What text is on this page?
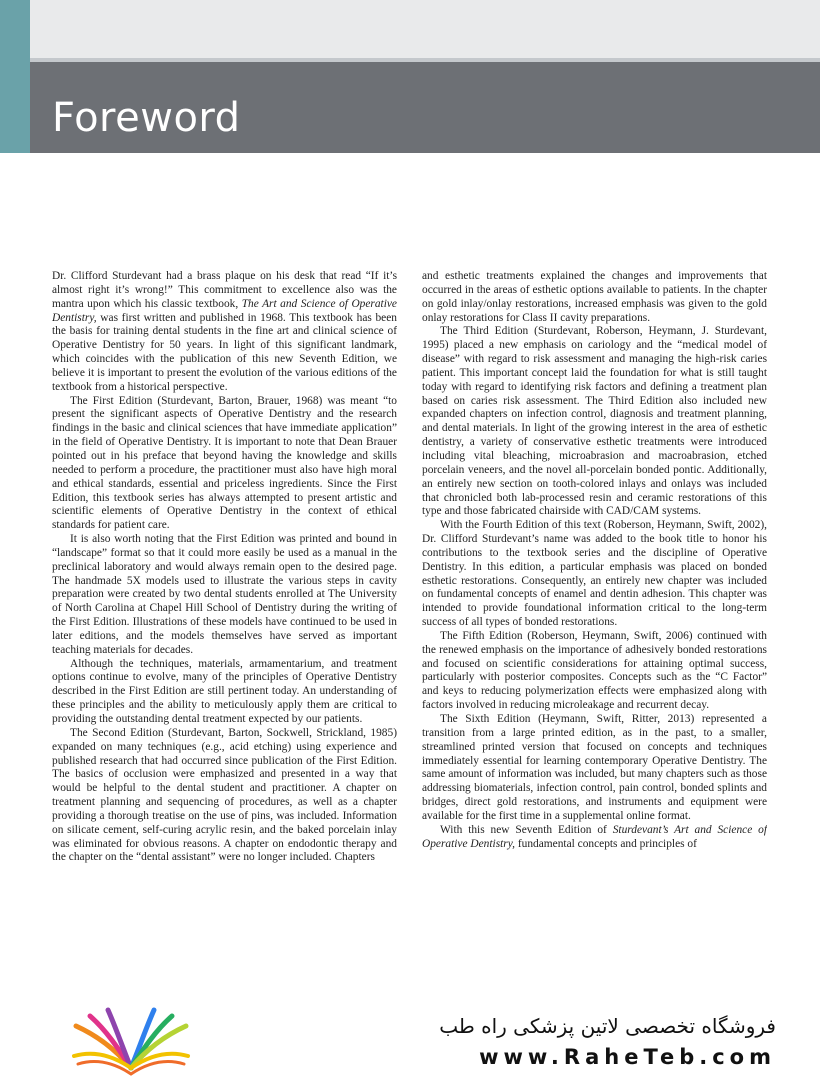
Foreword

Dr. Clifford Sturdevant had a brass plaque on his desk that read “If it’s almost right it’s wrong!” This commitment to excellence also was the mantra upon which his classic textbook, The Art and Science of Operative Dentistry, was first written and published in 1968. This textbook has been the basis for training dental students in the fine art and clinical science of Operative Dentistry for 50 years. In light of this significant landmark, which coincides with the publication of this new Seventh Edition, we believe it is important to present the evolution of the various editions of the textbook from a historical perspective.

The First Edition (Sturdevant, Barton, Brauer, 1968) was meant “to present the significant aspects of Operative Dentistry and the research findings in the basic and clinical sciences that have immediate application” in the field of Operative Dentistry. It is important to note that Dean Brauer pointed out in his preface that beyond having the knowledge and skills needed to perform a procedure, the practitioner must also have high moral and ethical standards, essential and priceless ingredients. Since the First Edition, this textbook series has always attempted to present artistic and scientific elements of Operative Dentistry in the context of ethical standards for patient care.

It is also worth noting that the First Edition was printed and bound in “landscape” format so that it could more easily be used as a manual in the preclinical laboratory and would always remain open to the desired page. The handmade 5X models used to illustrate the various steps in cavity preparation were created by two dental students enrolled at The University of North Carolina at Chapel Hill School of Dentistry during the writing of the First Edition. Illustrations of these models have continued to be used in later editions, and the models themselves have served as important teaching materials for decades.

Although the techniques, materials, armamentarium, and treatment options continue to evolve, many of the principles of Operative Dentistry described in the First Edition are still pertinent today. An understanding of these principles and the ability to meticulously apply them are critical to providing the outstanding dental treatment expected by our patients.

The Second Edition (Sturdevant, Barton, Sockwell, Strickland, 1985) expanded on many techniques (e.g., acid etching) using experience and published research that had occurred since publication of the First Edition. The basics of occlusion were emphasized and presented in a way that would be helpful to the dental student and practitioner. A chapter on treatment planning and sequencing of procedures, as well as a chapter providing a thorough treatise on the use of pins, was included. Information on silicate cement, self-curing acrylic resin, and the baked porcelain inlay was eliminated for obvious reasons. A chapter on endodontic therapy and the chapter on the “dental assistant” were no longer included. Chapters

and esthetic treatments explained the changes and improvements that occurred in the areas of esthetic options available to patients. In the chapter on gold inlay/onlay restorations, increased emphasis was given to the gold onlay restorations for Class II cavity preparations.

The Third Edition (Sturdevant, Roberson, Heymann, J. Sturdevant, 1995) placed a new emphasis on cariology and the “medical model of disease” with regard to risk assessment and managing the high-risk caries patient. This important concept laid the foundation for what is still taught today with regard to identifying risk factors and defining a treatment plan based on caries risk assessment. The Third Edition also included new expanded chapters on infection control, diagnosis and treatment planning, and dental materials. In light of the growing interest in the area of esthetic dentistry, a variety of conservative esthetic treatments were introduced including vital bleaching, microabrasion and macroabrasion, etched porcelain veneers, and the novel all-porcelain bonded pontic. Additionally, an entirely new section on tooth-colored inlays and onlays was included that chronicled both lab-processed resin and ceramic restorations of this type and those fabricated chairside with CAD/CAM systems.

With the Fourth Edition of this text (Roberson, Heymann, Swift, 2002), Dr. Clifford Sturdevant’s name was added to the book title to honor his contributions to the textbook series and the discipline of Operative Dentistry. In this edition, a particular emphasis was placed on bonded esthetic restorations. Consequently, an entirely new chapter was included on fundamental concepts of enamel and dentin adhesion. This chapter was intended to provide foundational information critical to the long-term success of all types of bonded restorations.

The Fifth Edition (Roberson, Heymann, Swift, 2006) continued with the renewed emphasis on the importance of adhesively bonded restorations and focused on scientific considerations for attaining optimal success, particularly with posterior composites. Concepts such as the “C Factor” and keys to reducing polymerization effects were emphasized along with factors involved in reducing microleakage and recurrent decay.

The Sixth Edition (Heymann, Swift, Ritter, 2013) represented a transition from a large printed edition, as in the past, to a smaller, streamlined printed version that focused on concepts and techniques immediately essential for learning contemporary Operative Dentistry. The same amount of information was included, but many chapters such as those addressing biomaterials, infection control, pain control, bonded splints and bridges, direct gold restorations, and instruments and equipment were available for the first time in a supplemental online format.

With this new Seventh Edition of Sturdevant’s Art and Science of Operative Dentistry, fundamental concepts and principles of

فروشگاه تخصصی لاتین پزشکی راه طب
www.RaheTeb.com
